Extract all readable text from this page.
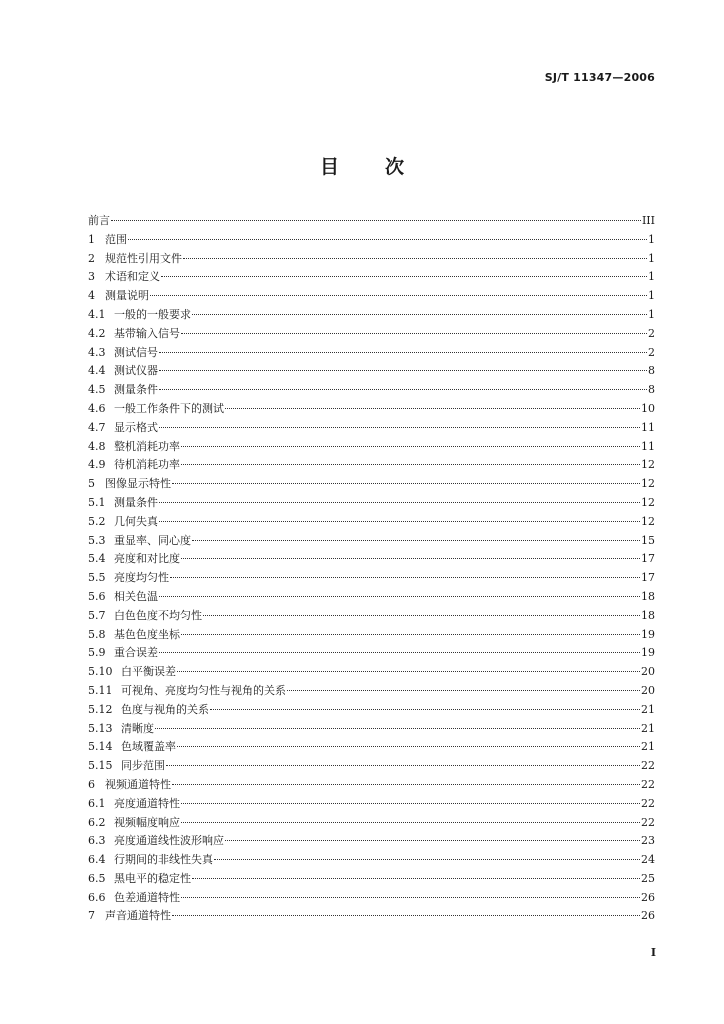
SJ/T 11347—2006
目 次
前言	III
1 范围	1
2 规范性引用文件	1
3 术语和定义	1
4 测量说明	1
4.1 一般的一般要求	1
4.2 基带输入信号	2
4.3 测试信号	2
4.4 测试仪器	8
4.5 测量条件	8
4.6 一般工作条件下的测试	10
4.7 显示格式	11
4.8 整机消耗功率	11
4.9 待机消耗功率	12
5 图像显示特性	12
5.1 测量条件	12
5.2 几何失真	12
5.3 重显率、同心度	15
5.4 亮度和对比度	17
5.5 亮度均匀性	17
5.6 相关色温	18
5.7 白色色度不均匀性	18
5.8 基色色度坐标	19
5.9 重合误差	19
5.10 白平衡误差	20
5.11 可视角、亮度均匀性与视角的关系	20
5.12 色度与视角的关系	21
5.13 清晰度	21
5.14 色域覆盖率	21
5.15 同步范围	22
6 视频通道特性	22
6.1 亮度通道特性	22
6.2 视频幅度响应	22
6.3 亮度通道线性波形响应	23
6.4 行期间的非线性失真	24
6.5 黑电平的稳定性	25
6.6 色差通道特性	26
7 声音通道特性	26
I
